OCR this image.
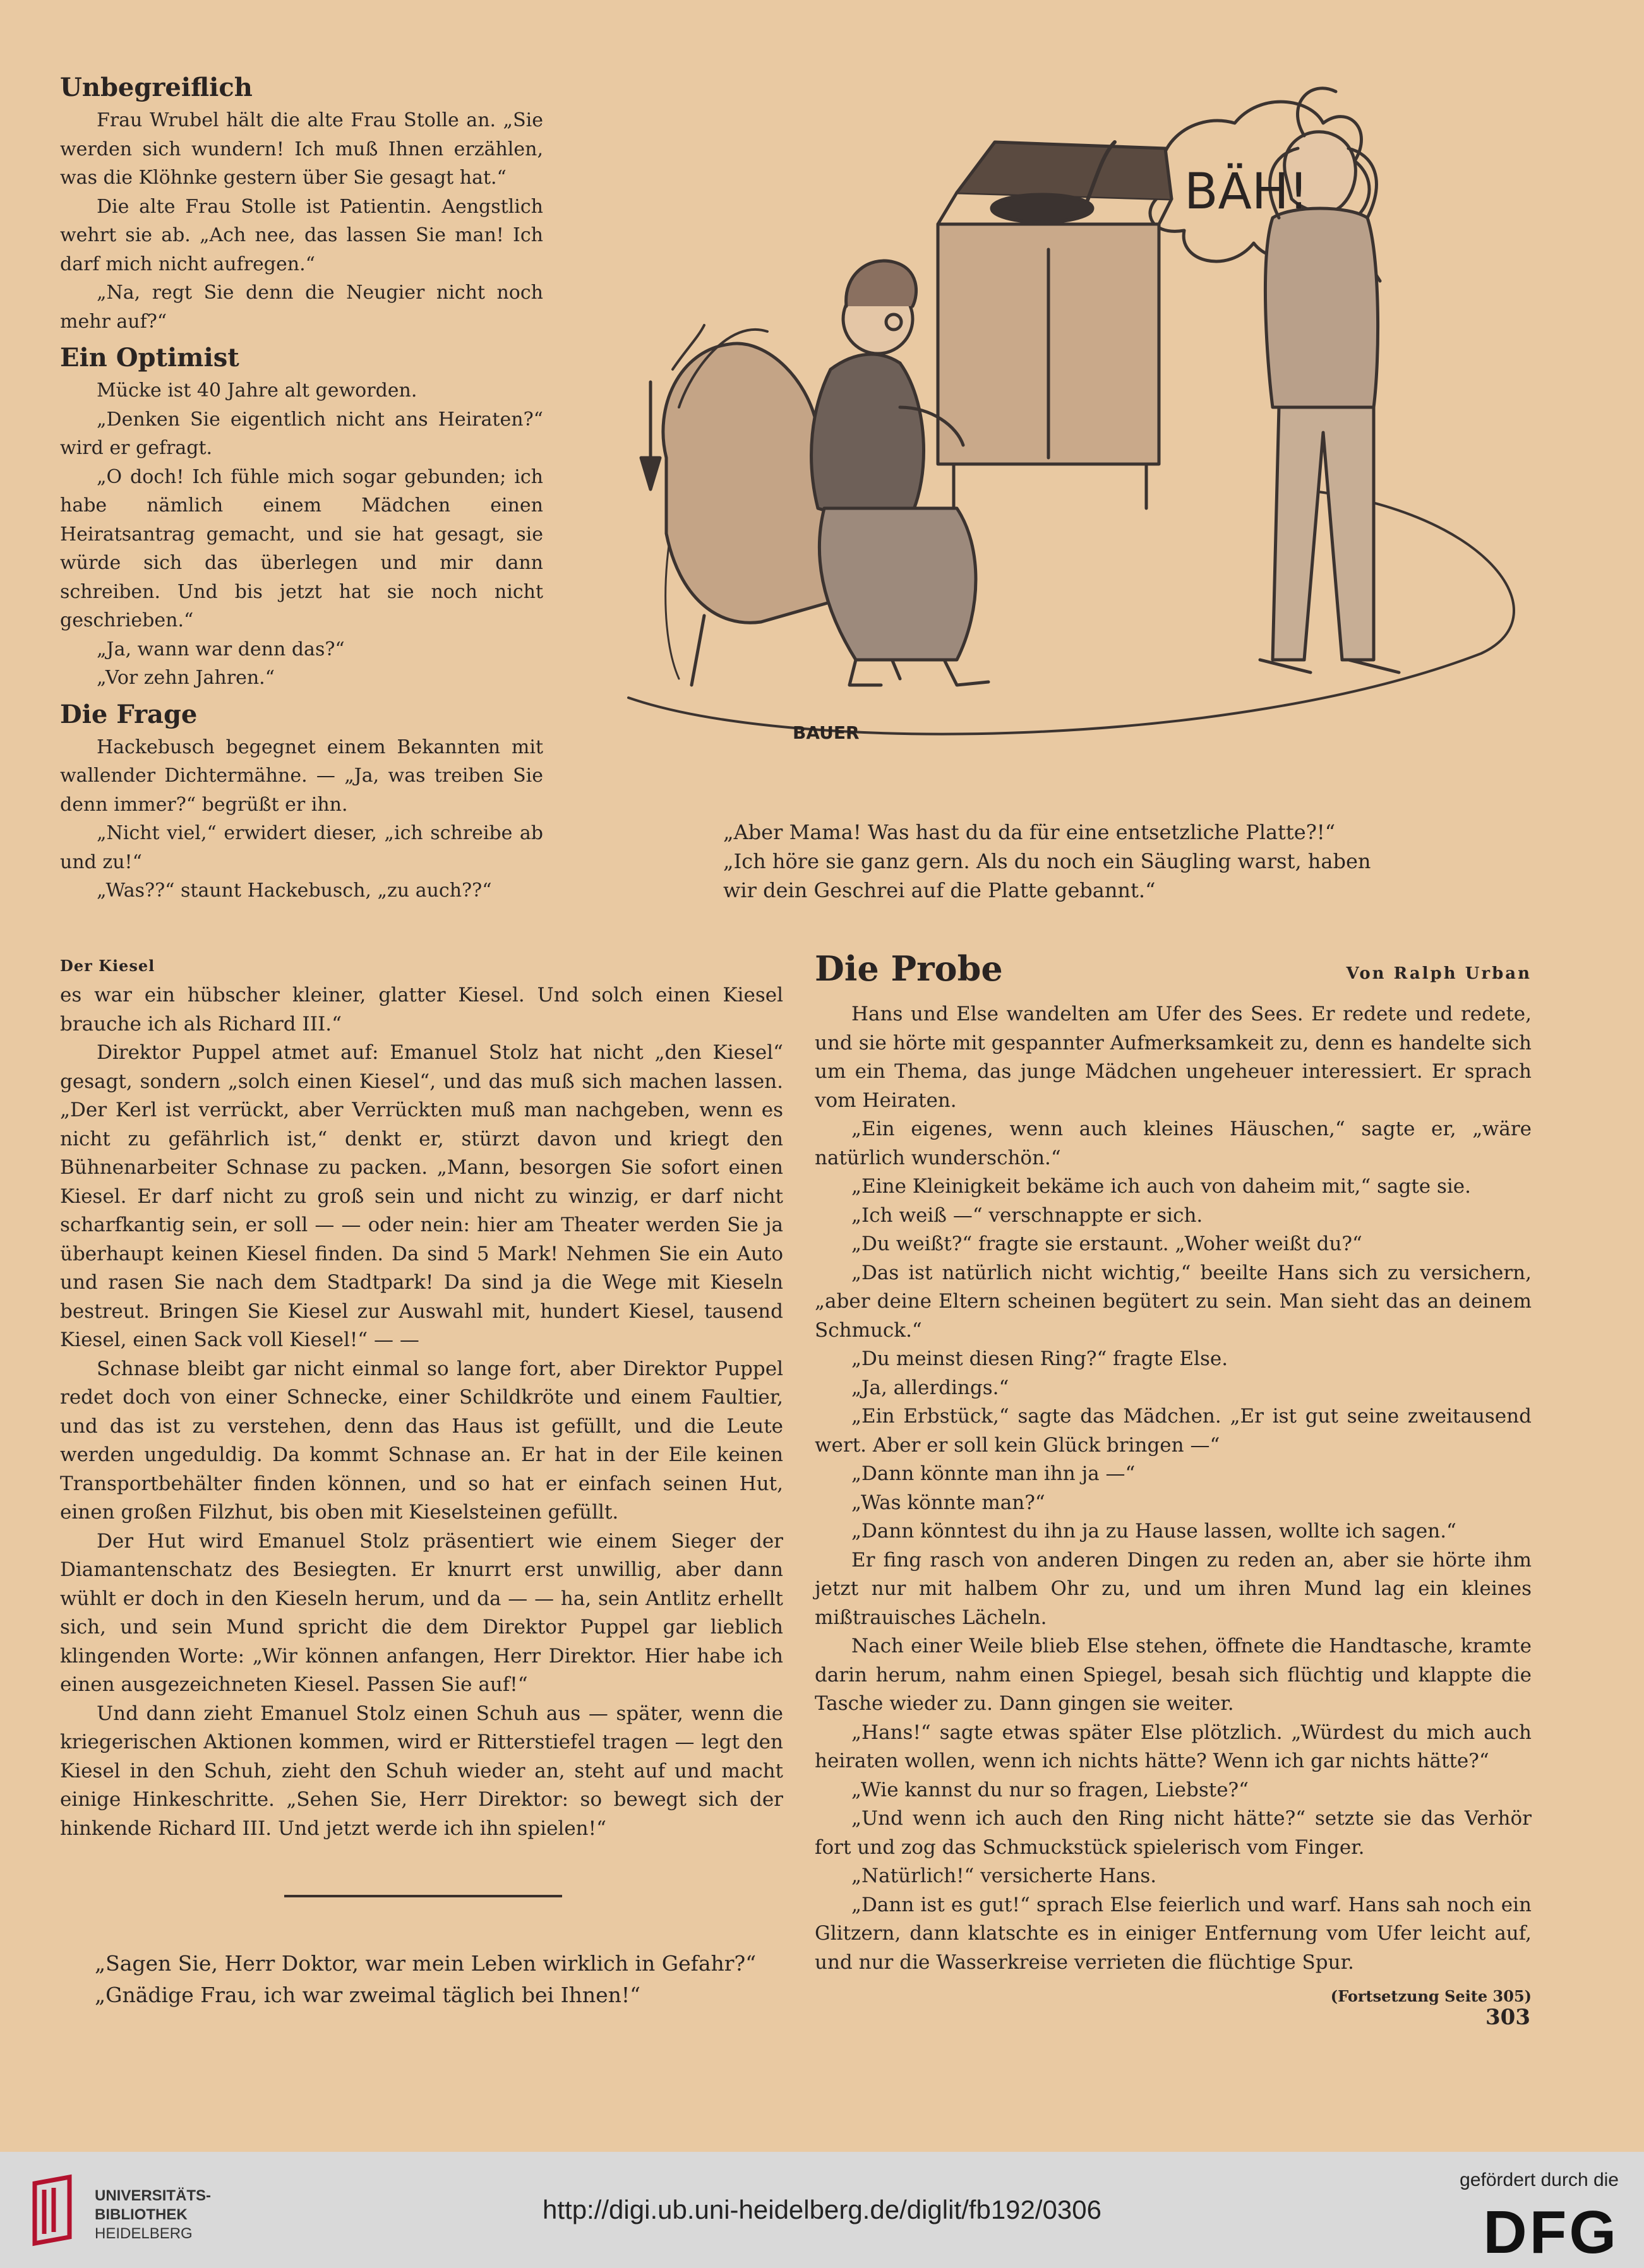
Unbegreiflich

Frau Wrubel hält die alte Frau Stolle an. „Sie werden sich wundern! Ich muß Ihnen erzählen, was die Klöhnke gestern über Sie gesagt hat.“

Die alte Frau Stolle ist Patientin. Aengstlich wehrt sie ab. „Ach nee, das lassen Sie man! Ich darf mich nicht aufregen.“

„Na, regt Sie denn die Neugier nicht noch mehr auf?“

Ein Optimist

Mücke ist 40 Jahre alt geworden.

„Denken Sie eigentlich nicht ans Heiraten?“ wird er gefragt.

„O doch! Ich fühle mich sogar gebunden; ich habe nämlich einem Mädchen einen Heiratsantrag gemacht, und sie hat gesagt, sie würde sich das überlegen und mir dann schreiben. Und bis jetzt hat sie noch nicht geschrieben.“

„Ja, wann war denn das?“

„Vor zehn Jahren.“

Die Frage

Hackebusch begegnet einem Bekannten mit wallender Dichtermähne. — „Ja, was treiben Sie denn immer?“ begrüßt er ihn.

„Nicht viel,“ erwidert dieser, „ich schreibe ab und zu!“

„Was??“ staunt Hackebusch, „zu auch??“

BÄH!
BAUER
„Aber Mama! Was hast du da für eine entsetzliche Platte?!“
„Ich höre sie ganz gern. Als du noch ein Säugling warst, haben
wir dein Geschrei auf die Platte gebannt.“
Der Kiesel

es war ein hübscher kleiner, glatter Kiesel. Und solch einen Kiesel brauche ich als Richard III.“

Direktor Puppel atmet auf: Emanuel Stolz hat nicht „den Kiesel“ gesagt, sondern „solch einen Kiesel“, und das muß sich machen lassen. „Der Kerl ist verrückt, aber Verrückten muß man nachgeben, wenn es nicht zu gefährlich ist,“ denkt er, stürzt davon und kriegt den Bühnenarbeiter Schnase zu packen. „Mann, besorgen Sie sofort einen Kiesel. Er darf nicht zu groß sein und nicht zu winzig, er darf nicht scharfkantig sein, er soll — — oder nein: hier am Theater werden Sie ja überhaupt keinen Kiesel finden. Da sind 5 Mark! Nehmen Sie ein Auto und rasen Sie nach dem Stadtpark! Da sind ja die Wege mit Kieseln bestreut. Bringen Sie Kiesel zur Auswahl mit, hundert Kiesel, tausend Kiesel, einen Sack voll Kiesel!“ — —

Schnase bleibt gar nicht einmal so lange fort, aber Direktor Puppel redet doch von einer Schnecke, einer Schildkröte und einem Faultier, und das ist zu verstehen, denn das Haus ist gefüllt, und die Leute werden ungeduldig. Da kommt Schnase an. Er hat in der Eile keinen Transportbehälter finden können, und so hat er einfach seinen Hut, einen großen Filzhut, bis oben mit Kieselsteinen gefüllt.

Der Hut wird Emanuel Stolz präsentiert wie einem Sieger der Diamantenschatz des Besiegten. Er knurrt erst unwillig, aber dann wühlt er doch in den Kieseln herum, und da — — ha, sein Antlitz erhellt sich, und sein Mund spricht die dem Direktor Puppel gar lieblich klingenden Worte: „Wir können anfangen, Herr Direktor. Hier habe ich einen ausgezeichneten Kiesel. Passen Sie auf!“

Und dann zieht Emanuel Stolz einen Schuh aus — später, wenn die kriegerischen Aktionen kommen, wird er Ritterstiefel tragen — legt den Kiesel in den Schuh, zieht den Schuh wieder an, steht auf und macht einige Hinkeschritte. „Sehen Sie, Herr Direktor: so bewegt sich der hinkende Richard III. Und jetzt werde ich ihn spielen!“

„Sagen Sie, Herr Doktor, war mein Leben wirklich in Gefahr?“
„Gnädige Frau, ich war zweimal täglich bei Ihnen!“
Die Probe	Von Ralph Urban

Hans und Else wandelten am Ufer des Sees. Er redete und redete, und sie hörte mit gespannter Aufmerksamkeit zu, denn es handelte sich um ein Thema, das junge Mädchen ungeheuer interessiert. Er sprach vom Heiraten.

„Ein eigenes, wenn auch kleines Häuschen,“ sagte er, „wäre natürlich wunderschön.“

„Eine Kleinigkeit bekäme ich auch von daheim mit,“ sagte sie.

„Ich weiß —“ verschnappte er sich.

„Du weißt?“ fragte sie erstaunt. „Woher weißt du?“

„Das ist natürlich nicht wichtig,“ beeilte Hans sich zu versichern, „aber deine Eltern scheinen begütert zu sein. Man sieht das an deinem Schmuck.“

„Du meinst diesen Ring?“ fragte Else.

„Ja, allerdings.“

„Ein Erbstück,“ sagte das Mädchen. „Er ist gut seine zweitausend wert. Aber er soll kein Glück bringen —“

„Dann könnte man ihn ja —“

„Was könnte man?“

„Dann könntest du ihn ja zu Hause lassen, wollte ich sagen.“

Er fing rasch von anderen Dingen zu reden an, aber sie hörte ihm jetzt nur mit halbem Ohr zu, und um ihren Mund lag ein kleines mißtrauisches Lächeln.

Nach einer Weile blieb Else stehen, öffnete die Handtasche, kramte darin herum, nahm einen Spiegel, besah sich flüchtig und klappte die Tasche wieder zu. Dann gingen sie weiter.

„Hans!“ sagte etwas später Else plötzlich. „Würdest du mich auch heiraten wollen, wenn ich nichts hätte? Wenn ich gar nichts hätte?“

„Wie kannst du nur so fragen, Liebste?“

„Und wenn ich auch den Ring nicht hätte?“ setzte sie das Verhör fort und zog das Schmuckstück spielerisch vom Finger.

„Natürlich!“ versicherte Hans.

„Dann ist es gut!“ sprach Else feierlich und warf. Hans sah noch ein Glitzern, dann klatschte es in einiger Entfernung vom Ufer leicht auf, und nur die Wasserkreise verrieten die flüchtige Spur.

(Fortsetzung Seite 305)
303
UNIVERSITÄTS-
BIBLIOTHEK
HEIDELBERG
http://digi.ub.uni-heidelberg.de/diglit/fb192/0306
gefördert durch die
DFG
